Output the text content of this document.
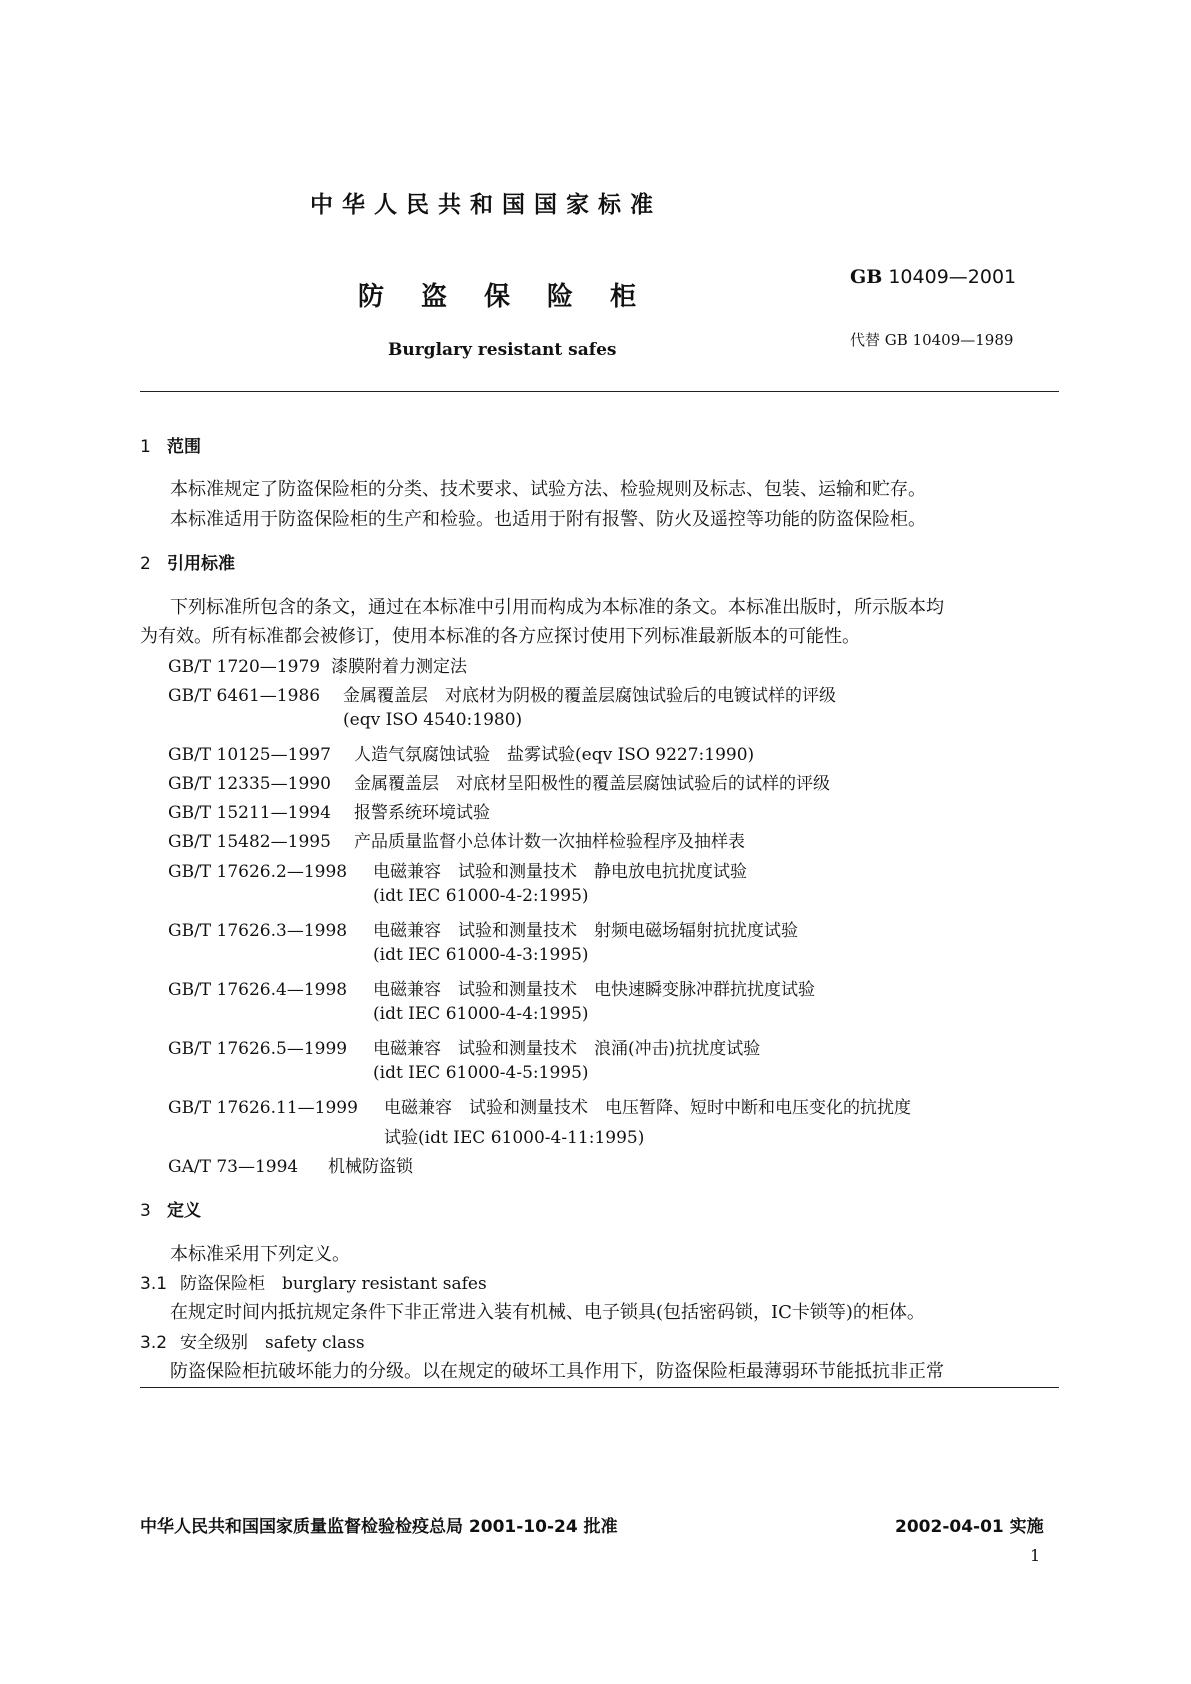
中华人民共和国国家标准
防盗保险柜
Burglary resistant safes
GB 10409—2001
代替 GB 10409—1989
1 范围
本标准规定了防盗保险柜的分类、技术要求、试验方法、检验规则及标志、包装、运输和贮存。
本标准适用于防盗保险柜的生产和检验。也适用于附有报警、防火及遥控等功能的防盗保险柜。
2 引用标准
下列标准所包含的条文，通过在本标准中引用而构成为本标准的条文。本标准出版时，所示版本均
为有效。所有标准都会被修订，使用本标准的各方应探讨使用下列标准最新版本的可能性。
GB/T 1720—1979 漆膜附着力测定法
GB/T 6461—1986 金属覆盖层　对底材为阴极的覆盖层腐蚀试验后的电镀试样的评级
(eqv ISO 4540:1980)
GB/T 10125—1997 人造气氛腐蚀试验　盐雾试验(eqv ISO 9227:1990)
GB/T 12335—1990 金属覆盖层　对底材呈阳极性的覆盖层腐蚀试验后的试样的评级
GB/T 15211—1994 报警系统环境试验
GB/T 15482—1995 产品质量监督小总体计数一次抽样检验程序及抽样表
GB/T 17626.2—1998 电磁兼容　试验和测量技术　静电放电抗扰度试验
(idt IEC 61000-4-2:1995)
GB/T 17626.3—1998 电磁兼容　试验和测量技术　射频电磁场辐射抗扰度试验
(idt IEC 61000-4-3:1995)
GB/T 17626.4—1998 电磁兼容　试验和测量技术　电快速瞬变脉冲群抗扰度试验
(idt IEC 61000-4-4:1995)
GB/T 17626.5—1999 电磁兼容　试验和测量技术　浪涌(冲击)抗扰度试验
(idt IEC 61000-4-5:1995)
GB/T 17626.11—1999 电磁兼容　试验和测量技术　电压暂降、短时中断和电压变化的抗扰度
试验(idt IEC 61000-4-11:1995)
GA/T 73—1994 机械防盗锁
3 定义
本标准采用下列定义。
3.1 防盗保险柜　burglary resistant safes
在规定时间内抵抗规定条件下非正常进入装有机械、电子锁具(包括密码锁，IC卡锁等)的柜体。
3.2 安全级别　safety class
防盗保险柜抗破坏能力的分级。以在规定的破坏工具作用下，防盗保险柜最薄弱环节能抵抗非正常
中华人民共和国国家质量监督检验检疫总局 2001-10-24 批准	2002-04-01 实施
1
